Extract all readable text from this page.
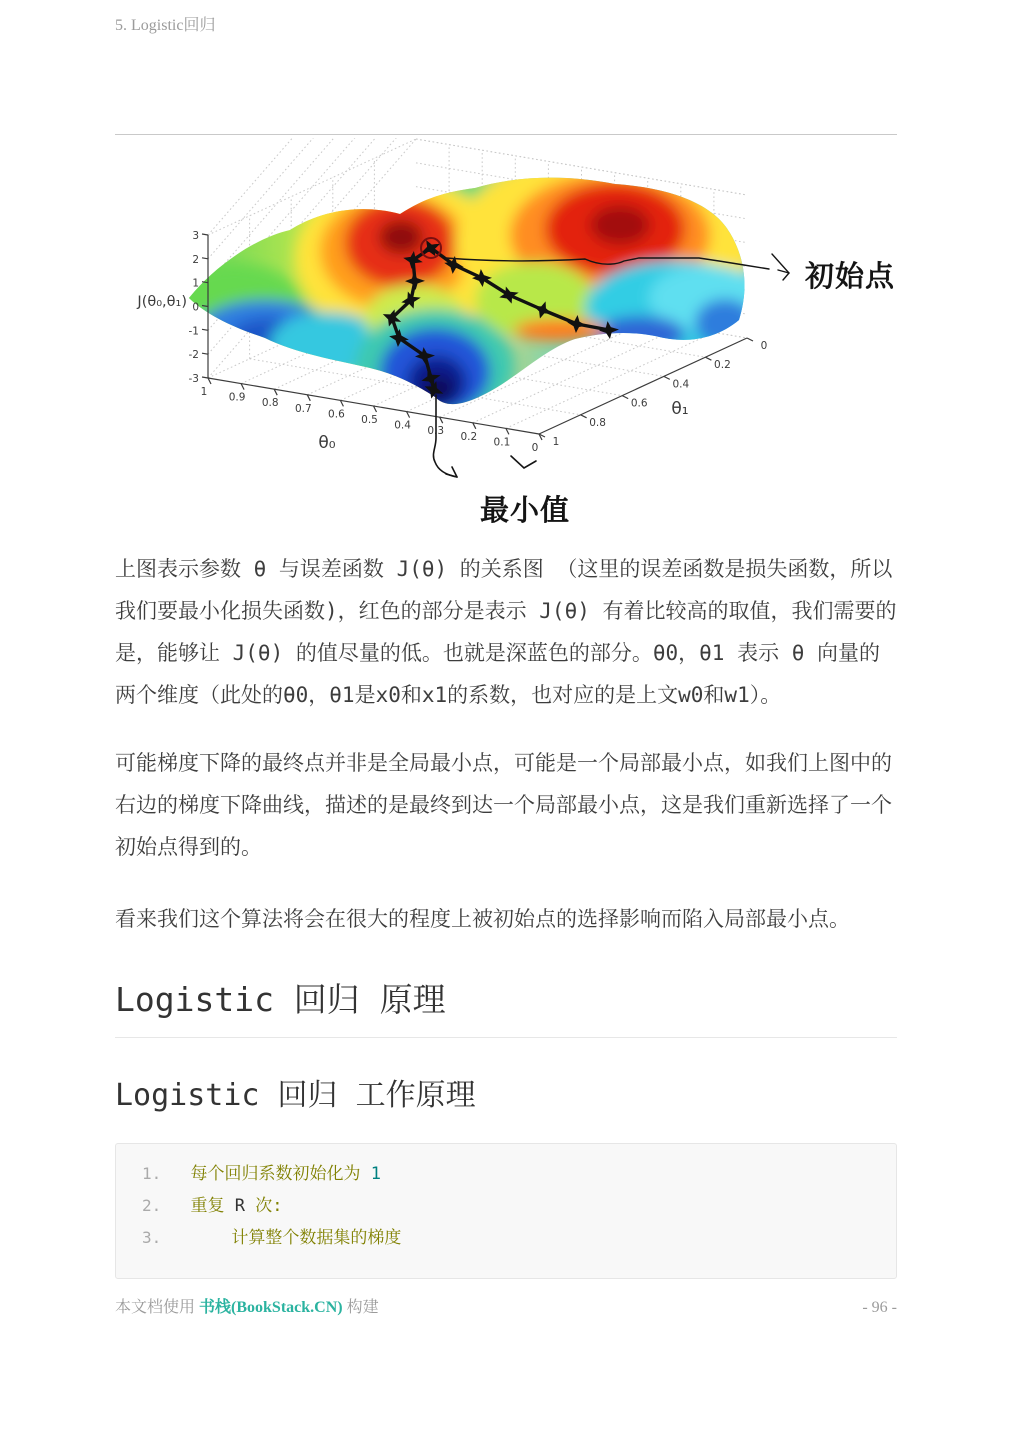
5. Logistic回归
3
2
1
0
-1
-2
-3
1 0.9 0.8 0.7 0.6 0.5 0.4 0.3 0.2 0.1 0 1
0.8
0.6
0.4
0.2
0
J(θ₀,θ₁)
θ₀
θ₁
初始点
最小值

上图表示参数 θ 与误差函数 J(θ) 的关系图 （这里的误差函数是损失函数，所以我们要最小化损失函数)，红色的部分是表示 J(θ) 有着比较高的取值，我们需要的是，能够让 J(θ) 的值尽量的低。也就是深蓝色的部分。θ0，θ1 表示 θ 向量的两个维度（此处的θ0，θ1是x0和x1的系数，也对应的是上文w0和w1）。

可能梯度下降的最终点并非是全局最小点，可能是一个局部最小点，如我们上图中的右边的梯度下降曲线，描述的是最终到达一个局部最小点，这是我们重新选择了一个初始点得到的。

看来我们这个算法将会在很大的程度上被初始点的选择影响而陷入局部最小点。

Logistic 回归 原理
Logistic 回归 工作原理
1. 每个回归系数初始化为 1
2. 重复 R 次:
3.      计算整个数据集的梯度
本文档使用 书栈(BookStack.CN) 构建	- 96 -
